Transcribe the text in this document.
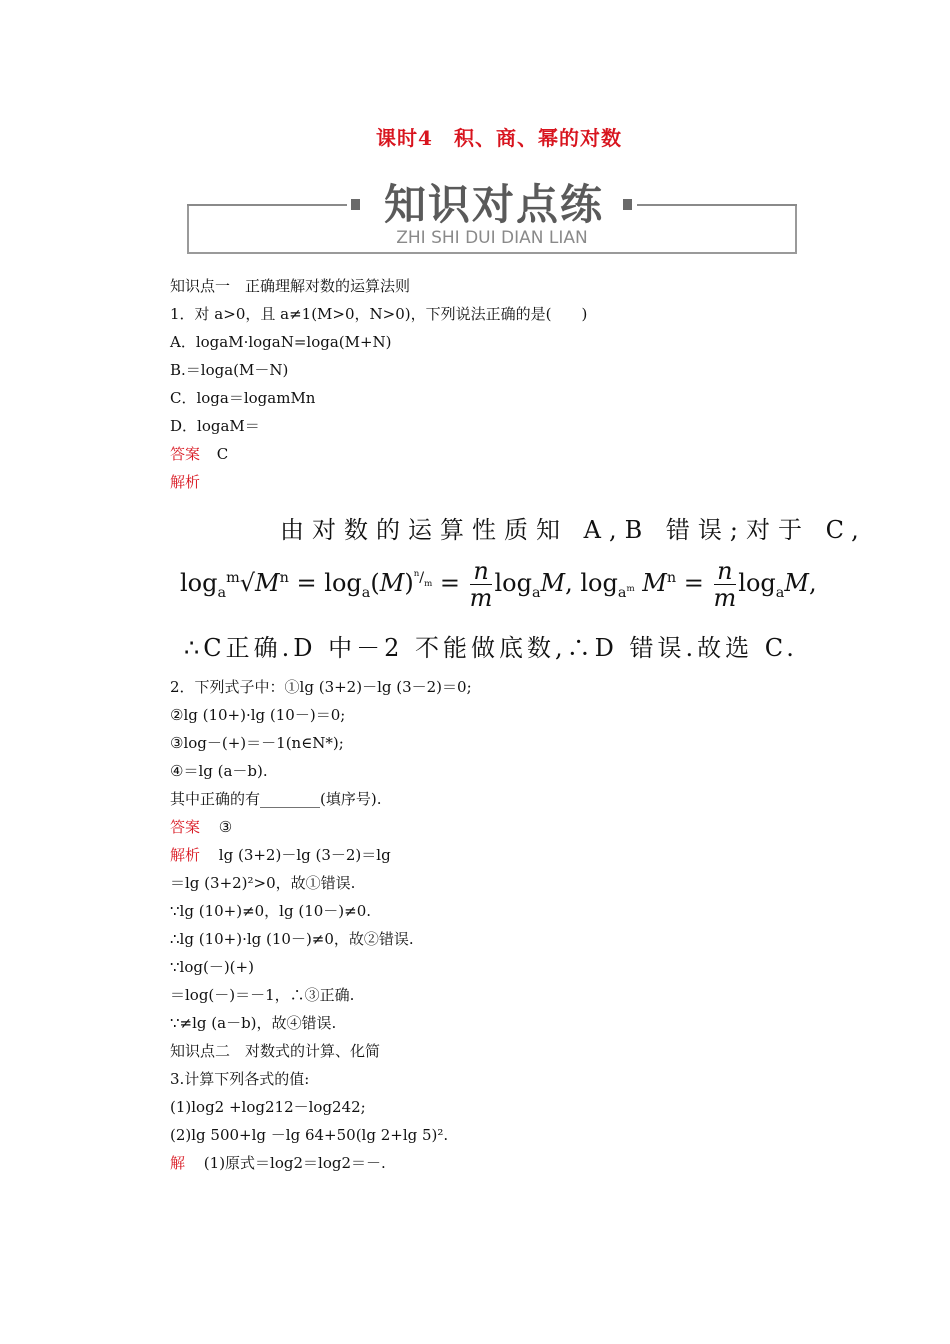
课时4　积、商、幂的对数
知识对点练
ZHI SHI DUI DIAN LIAN
知识点一　正确理解对数的运算法则
1．对 a>0，且 a≠1(M>0，N>0)，下列说法正确的是(　　)
A．logaM·logaN=loga(M+N)
B.＝loga(M－N)
C．loga＝logamMn
D．logaM＝
答案 C
解析
由对数的运算性质知 A,B 错误;对于 C,
$\log_a^m√M^n = \log_a(M)^{^n/_m} = \frac{n}{m} \log_aM$, $\log_{a^m} M^n = \frac{n}{m} \log_aM$,
∴C正确.D 中－2 不能做底数,∴D 错误.故选 C.
2．下列式子中：①lg (3+2)－lg (3－2)＝0;
②lg (10+)·lg (10－)＝0;
③log－(+)＝－1(n∈N*);
④＝lg (a－b).
其中正确的有________(填序号).
答案 ③
解析 lg (3+2)－lg (3－2)＝lg
＝lg (3+2)²>0，故①错误.
∵lg (10+)≠0，lg (10－)≠0.
∴lg (10+)·lg (10－)≠0，故②错误.
∵log(－)(+)
＝log(－)＝－1，∴③正确.
∵≠lg (a－b)，故④错误.
知识点二　对数式的计算、化简
3.计算下列各式的值:
(1)log2 +log212－log242;
(2)lg 500+lg －lg 64+50(lg 2+lg 5)².
解 (1)原式＝log2＝log2＝－.
